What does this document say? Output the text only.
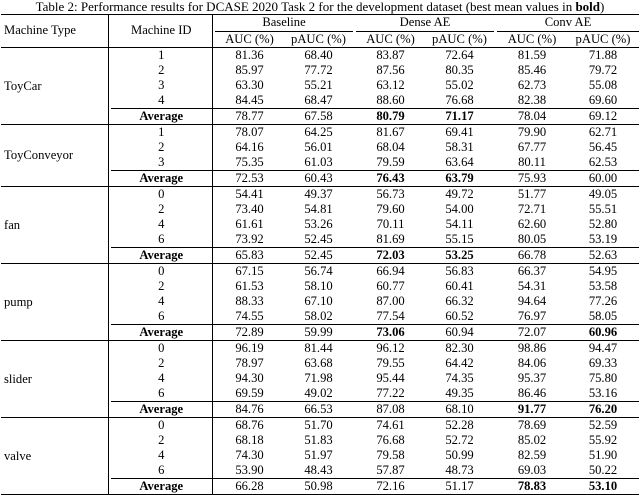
Table 2: Performance results for DCASE 2020 Task 2 for the development dataset (best mean values in bold)
Machine Type		Machine ID		Baseline			Dense AE			Conv AE	
				AUC (%)	pAUC (%)		AUC (%)	pAUC (%)		AUC (%)	pAUC (%)
ToyCar		1		81.36	68.40		83.87	72.64		81.59	71.88
		2		85.97	77.72		87.56	80.35		85.46	79.72
		3		63.30	55.21		63.12	55.02		62.73	55.08
		4		84.45	68.47		88.60	76.68		82.38	69.60
		Average		78.77	67.58		80.79	71.17		78.04	69.12
ToyConveyor		1		78.07	64.25		81.67	69.41		79.90	62.71
		2		64.16	56.01		68.04	58.31		67.77	56.45
		3		75.35	61.03		79.59	63.64		80.11	62.53
		Average		72.53	60.43		76.43	63.79		75.93	60.00
fan		0		54.41	49.37		56.73	49.72		51.77	49.05
		2		73.40	54.81		79.60	54.00		72.71	55.51
		4		61.61	53.26		70.11	54.11		62.60	52.80
		6		73.92	52.45		81.69	55.15		80.05	53.19
		Average		65.83	52.45		72.03	53.25		66.78	52.63
pump		0		67.15	56.74		66.94	56.83		66.37	54.95
		2		61.53	58.10		60.77	60.41		54.31	53.58
		4		88.33	67.10		87.00	66.32		94.64	77.26
		6		74.55	58.02		77.54	60.52		76.97	58.05
		Average		72.89	59.99		73.06	60.94		72.07	60.96
slider		0		96.19	81.44		96.12	82.30		98.86	94.47
		2		78.97	63.68		79.55	64.42		84.06	69.33
		4		94.30	71.98		95.44	74.35		95.37	75.80
		6		69.59	49.02		77.22	49.35		86.46	53.16
		Average		84.76	66.53		87.08	68.10		91.77	76.20
valve		0		68.76	51.70		74.61	52.28		78.69	52.59
		2		68.18	51.83		76.68	52.72		85.02	55.92
		4		74.30	51.97		79.58	50.99		82.59	51.90
		6		53.90	48.43		57.87	48.73		69.03	50.22
		Average		66.28	50.98		72.16	51.17		78.83	53.10
